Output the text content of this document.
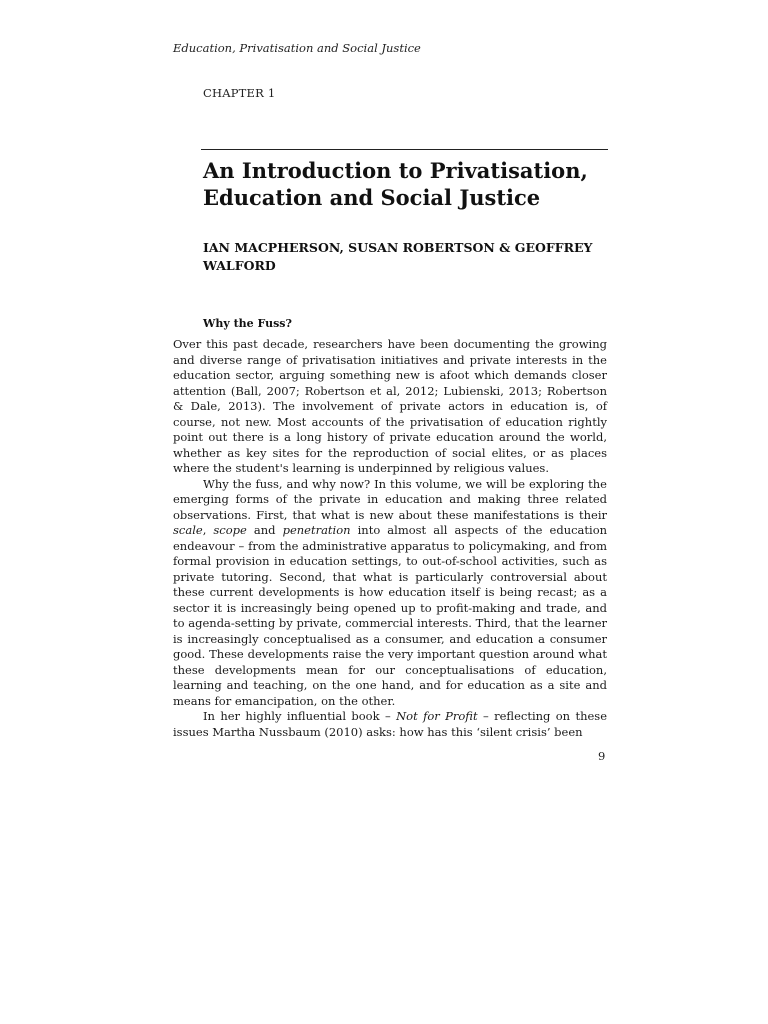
Education, Privatisation and Social Justice
CHAPTER 1
An Introduction to Privatisation, Education and Social Justice

IAN MACPHERSON, SUSAN ROBERTSON & GEOFFREY WALFORD

Why the Fuss?

Over this past decade, researchers have been documenting the growing and diverse range of privatisation initiatives and private interests in the education sector, arguing something new is afoot which demands closer attention (Ball, 2007; Robertson et al, 2012; Lubienski, 2013; Robertson & Dale, 2013). The involvement of private actors in education is, of course, not new. Most accounts of the privatisation of education rightly point out there is a long history of private education around the world, whether as key sites for the reproduction of social elites, or as places where the student's learning is underpinned by religious values.

Why the fuss, and why now? In this volume, we will be exploring the emerging forms of the private in education and making three related observations. First, that what is new about these manifestations is their scale, scope and penetration into almost all aspects of the education endeavour – from the administrative apparatus to policymaking, and from formal provision in education settings, to out-of-school activities, such as private tutoring. Second, that what is particularly controversial about these current developments is how education itself is being recast; as a sector it is increasingly being opened up to profit-making and trade, and to agenda-setting by private, commercial interests. Third, that the learner is increasingly conceptualised as a consumer, and education a consumer good. These developments raise the very important question around what these developments mean for our conceptualisations of education, learning and teaching, on the one hand, and for education as a site and means for emancipation, on the other.

In her highly influential book – Not for Profit – reflecting on these issues Martha Nussbaum (2010) asks: how has this ‘silent crisis’ been

9
